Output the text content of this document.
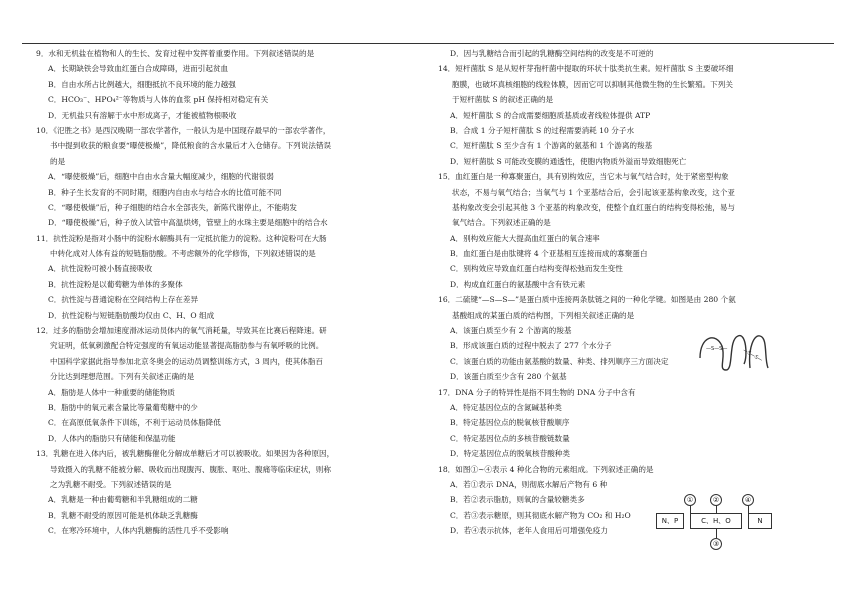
9．水和无机盐在植物和人的生长、发育过程中发挥着重要作用。下列叙述错误的是
A．长期缺铁会导致血红蛋白合成障碍，进而引起贫血
B．自由水所占比例越大，细胞抵抗不良环境的能力越强
C．HCO₃⁻、HPO₄²⁻等物质与人体的血浆 pH 保持相对稳定有关
D．无机盐只有溶解于水中形成离子，才能被植物根吸收
10．《氾胜之书》是西汉晚期一部农学著作，一般认为是中国现存最早的一部农学著作，
书中提到收获的粮食要“曝使极燥”，降低粮食的含水量后才入仓储存。下列说法错误
的是
A．“曝使极燥”后，细胞中自由水含量大幅度减少，细胞的代谢很弱
B．种子生长发育的不同时期，细胞内自由水与结合水的比值可能不同
C．“曝使极燥”后，种子细胞的结合水全部丧失，新陈代谢停止，不能萌发
D．“曝使极燥”后，种子放入试管中高温烘烤，管壁上的水珠主要是细胞中的结合水
11．抗性淀粉是指对小肠中的淀粉水解酶具有一定抵抗能力的淀粉。这种淀粉可在大肠
中转化成对人体有益的短链脂肪酸。不考虑额外的化学修饰，下列叙述错误的是
A．抗性淀粉可被小肠直接吸收
B．抗性淀粉是以葡萄糖为单体的多聚体
C．抗性淀与普通淀粉在空间结构上存在差异
D．抗性淀粉与短链脂肪酸均仅由 C、H、O 组成
12．过多的脂肪会增加速度滑冰运动员体内的氧气消耗量，导致其在比赛后程降速。研
究证明，低氧刺激配合特定强度的有氧运动能显著提高脂肪参与有氧呼吸的比例。
中国科学家据此指导参加北京冬奥会的运动员调整训练方式，3 周内，使其体脂百
分比达到理想范围。下列有关叙述正确的是
A．脂肪是人体中一种重要的储能物质
B．脂肪中的氧元素含量比等量葡萄糖中的少
C．在高原低氧条件下训练，不利于运动员体脂降低
D．人体内的脂肪只有储能和保温功能
13．乳糖在进入体内后，被乳糖酶催化分解成单糖后才可以被吸收。如果因为各种原因，
导致摄入的乳糖不能被分解、吸收而出现腹泻、腹胀、呕吐、腹痛等临床症状，则称
之为乳糖不耐受。下列叙述错误的是
A．乳糖是一种由葡萄糖和半乳糖组成的二糖
B．乳糖不耐受的原因可能是机体缺乏乳糖酶
C．在寒冷环境中，人体内乳糖酶的活性几乎不受影响
D．因与乳糖结合而引起的乳糖酶空间结构的改变是不可逆的
14．短杆菌肽 S 是从短杆芽孢杆菌中提取的环状十肽类抗生素。短杆菌肽 S 主要破坏细
胞膜，也破坏真核细胞的线粒体膜，因而它可以抑制其他微生物的生长繁殖。下列关
于短杆菌肽 S 的叙述正确的是
A．短杆菌肽 S 的合成需要细胞质基质或者线粒体提供 ATP
B．合成 1 分子短杆菌肽 S 的过程需要消耗 10 分子水
C．短杆菌肽 S 至少含有 1 个游离的氨基和 1 个游离的羧基
D．短杆菌肽 S 可能改变膜的通透性，使胞内物质外溢而导致细胞死亡
15．血红蛋白是一种寡聚蛋白，具有别构效应，当它未与氧气结合时，处于紧密型构象
状态，不易与氧气结合；当氧气与 1 个亚基结合后，会引起该亚基构象改变，这个亚
基构象改变会引起其他 3 个亚基的构象改变，使整个血红蛋白的结构变得松弛，易与
氧气结合。下列叙述正确的是
A．别构效应能大大提高血红蛋白的氧合速率
B．血红蛋白是由肽键将 4 个亚基相互连接而成的寡聚蛋白
C．别构效应导致血红蛋白结构变得松弛而发生变性
D．构成血红蛋白的氨基酸中含有铁元素
16．二硫键“—S—S—”是蛋白质中连接两条肽链之间的一种化学键。如图是由 280 个氨
基酸组成的某蛋白质的结构图，下列相关叙述正确的是
A．该蛋白质至少有 2 个游离的羧基
B．形成该蛋白质的过程中脱去了 277 个水分子
C．该蛋白质的功能由氨基酸的数量、种类、排列顺序三方面决定
D．该蛋白质至少含有 280 个氨基
17．DNA 分子的特异性是指不同生物的 DNA 分子中含有
A．特定基因位点的含氮碱基种类
B．特定基因位点的脱氧核苷酸顺序
C．特定基因位点的多核苷酸链数量
D．特定基因位点的脱氧核苷酸种类
18．如图①~④表示 4 种化合物的元素组成。下列叙述正确的是
A．若①表示 DNA，则彻底水解后产物有 6 种
B．若②表示脂肪，则氧的含量较糖类多
C．若③表示糖原，则其彻底水解产物为 CO₂ 和 H₂O
D．若④表示抗体，老年人食用后可增强免疫力
—S—S—	—S—S—
①	②	④
N、P	C、H、O	N
③
